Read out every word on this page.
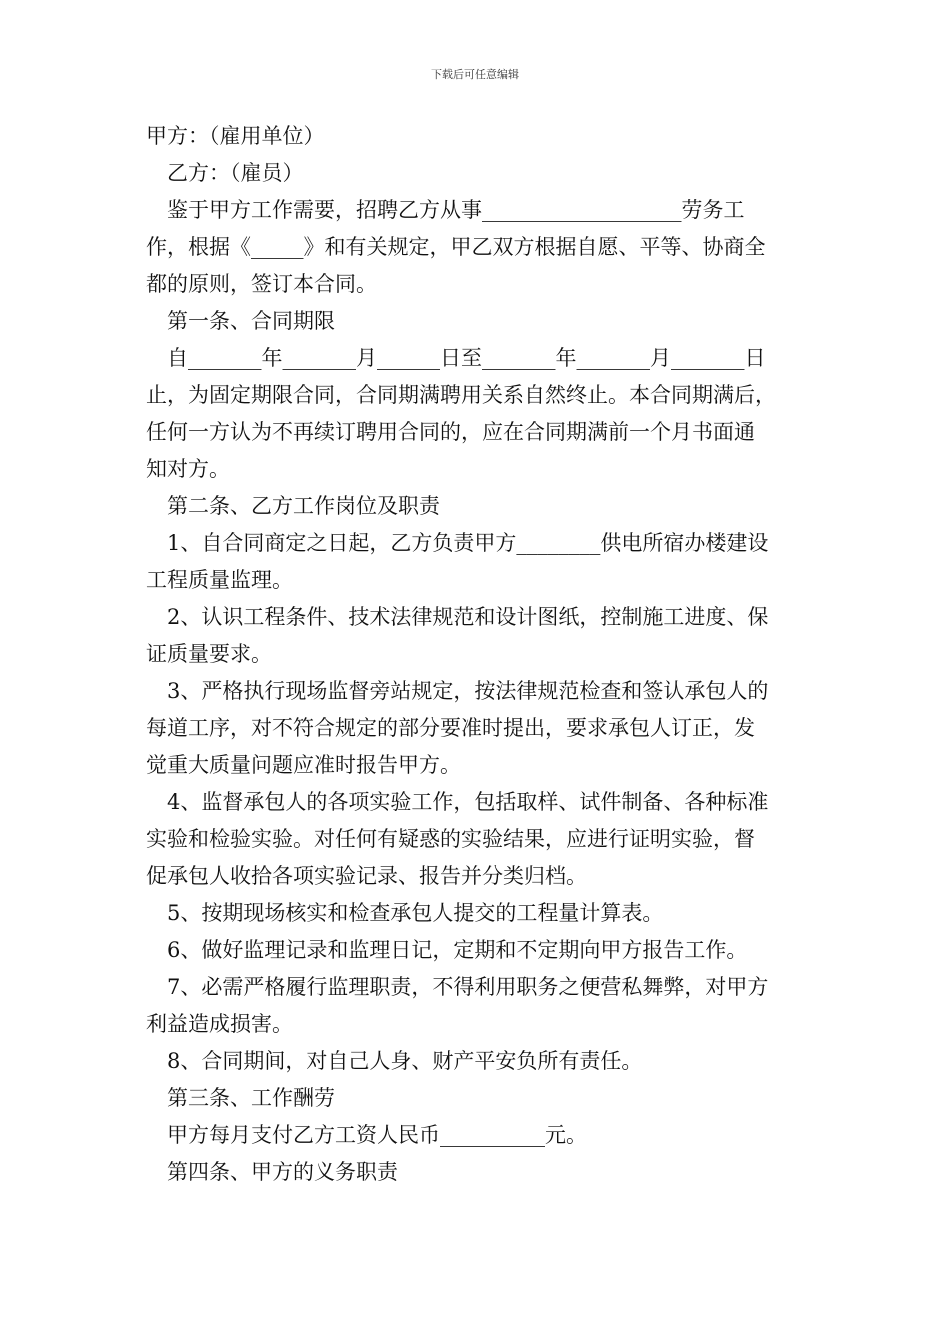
下载后可任意编辑
甲方：（雇用单位）
乙方：（雇员）
鉴于甲方工作需要，招聘乙方从事___________________劳务工
作，根据《_____》和有关规定，甲乙双方根据自愿、平等、协商全
都的原则，签订本合同。
第一条、合同期限
自_______年_______月______日至_______年_______月_______日
止，为固定期限合同，合同期满聘用关系自然终止。本合同期满后，
任何一方认为不再续订聘用合同的，应在合同期满前一个月书面通
知对方。
第二条、乙方工作岗位及职责
1、自合同商定之日起，乙方负责甲方________供电所宿办楼建设
工程质量监理。
2、认识工程条件、技术法律规范和设计图纸，控制施工进度、保
证质量要求。
3、严格执行现场监督旁站规定，按法律规范检查和签认承包人的
每道工序，对不符合规定的部分要准时提出，要求承包人订正，发
觉重大质量问题应准时报告甲方。
4、监督承包人的各项实验工作，包括取样、试件制备、各种标准
实验和检验实验。对任何有疑惑的实验结果，应进行证明实验，督
促承包人收拾各项实验记录、报告并分类归档。
5、按期现场核实和检查承包人提交的工程量计算表。
6、做好监理记录和监理日记，定期和不定期向甲方报告工作。
7、必需严格履行监理职责，不得利用职务之便营私舞弊，对甲方
利益造成损害。
8、合同期间，对自己人身、财产平安负所有责任。
第三条、工作酬劳
甲方每月支付乙方工资人民币__________元。
第四条、甲方的义务职责
